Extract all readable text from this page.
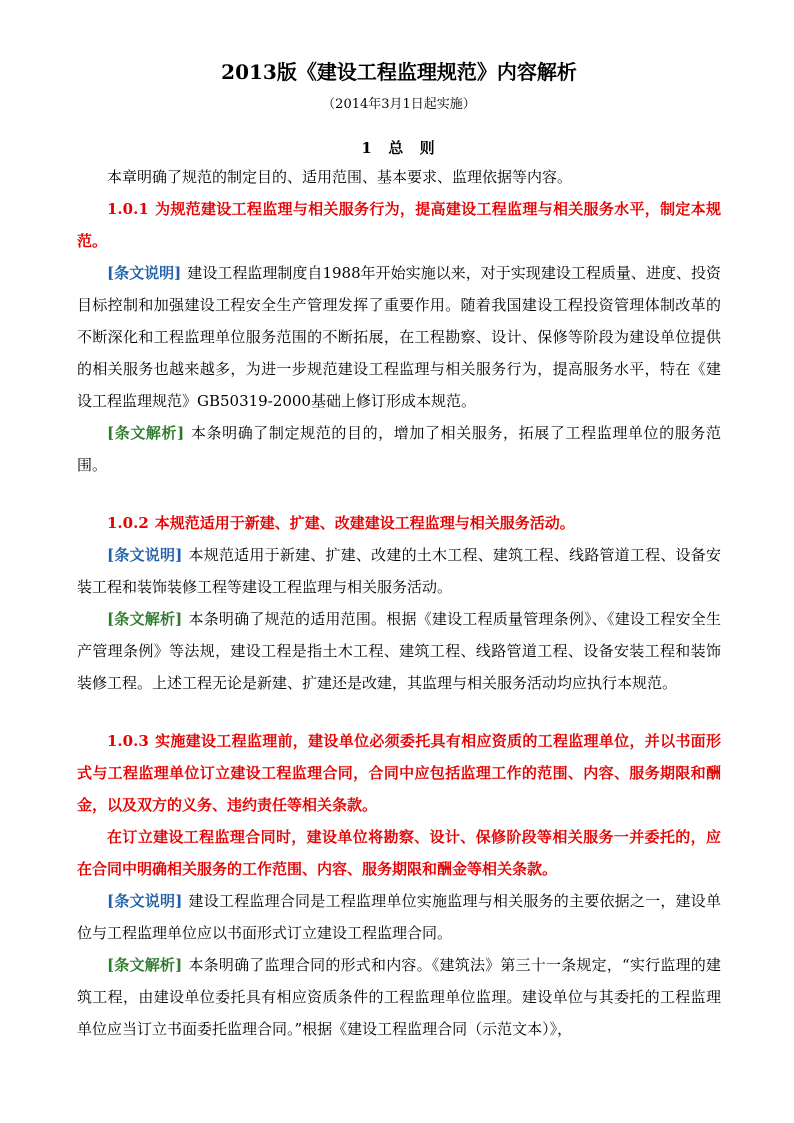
2013版《建设工程监理规范》内容解析
（2014年3月1日起实施）
1  总  则

本章明确了规范的制定目的、适用范围、基本要求、监理依据等内容。

1.0.1 为规范建设工程监理与相关服务行为，提高建设工程监理与相关服务水平，制定本规范。

[条文说明] 建设工程监理制度自1988年开始实施以来，对于实现建设工程质量、进度、投资目标控制和加强建设工程安全生产管理发挥了重要作用。随着我国建设工程投资管理体制改革的不断深化和工程监理单位服务范围的不断拓展，在工程勘察、设计、保修等阶段为建设单位提供的相关服务也越来越多，为进一步规范建设工程监理与相关服务行为，提高服务水平，特在《建设工程监理规范》GB50319-2000基础上修订形成本规范。

[条文解析] 本条明确了制定规范的目的，增加了相关服务，拓展了工程监理单位的服务范围。

1.0.2 本规范适用于新建、扩建、改建建设工程监理与相关服务活动。

[条文说明] 本规范适用于新建、扩建、改建的土木工程、建筑工程、线路管道工程、设备安装工程和装饰装修工程等建设工程监理与相关服务活动。

[条文解析] 本条明确了规范的适用范围。根据《建设工程质量管理条例》、《建设工程安全生产管理条例》等法规，建设工程是指土木工程、建筑工程、线路管道工程、设备安装工程和装饰装修工程。上述工程无论是新建、扩建还是改建，其监理与相关服务活动均应执行本规范。

1.0.3 实施建设工程监理前，建设单位必须委托具有相应资质的工程监理单位，并以书面形式与工程监理单位订立建设工程监理合同，合同中应包括监理工作的范围、内容、服务期限和酬金，以及双方的义务、违约责任等相关条款。

在订立建设工程监理合同时，建设单位将勘察、设计、保修阶段等相关服务一并委托的，应在合同中明确相关服务的工作范围、内容、服务期限和酬金等相关条款。

[条文说明] 建设工程监理合同是工程监理单位实施监理与相关服务的主要依据之一，建设单位与工程监理单位应以书面形式订立建设工程监理合同。

[条文解析] 本条明确了监理合同的形式和内容。《建筑法》第三十一条规定，“实行监理的建筑工程，由建设单位委托具有相应资质条件的工程监理单位监理。建设单位与其委托的工程监理单位应当订立书面委托监理合同。”根据《建设工程监理合同（示范文本）》，
